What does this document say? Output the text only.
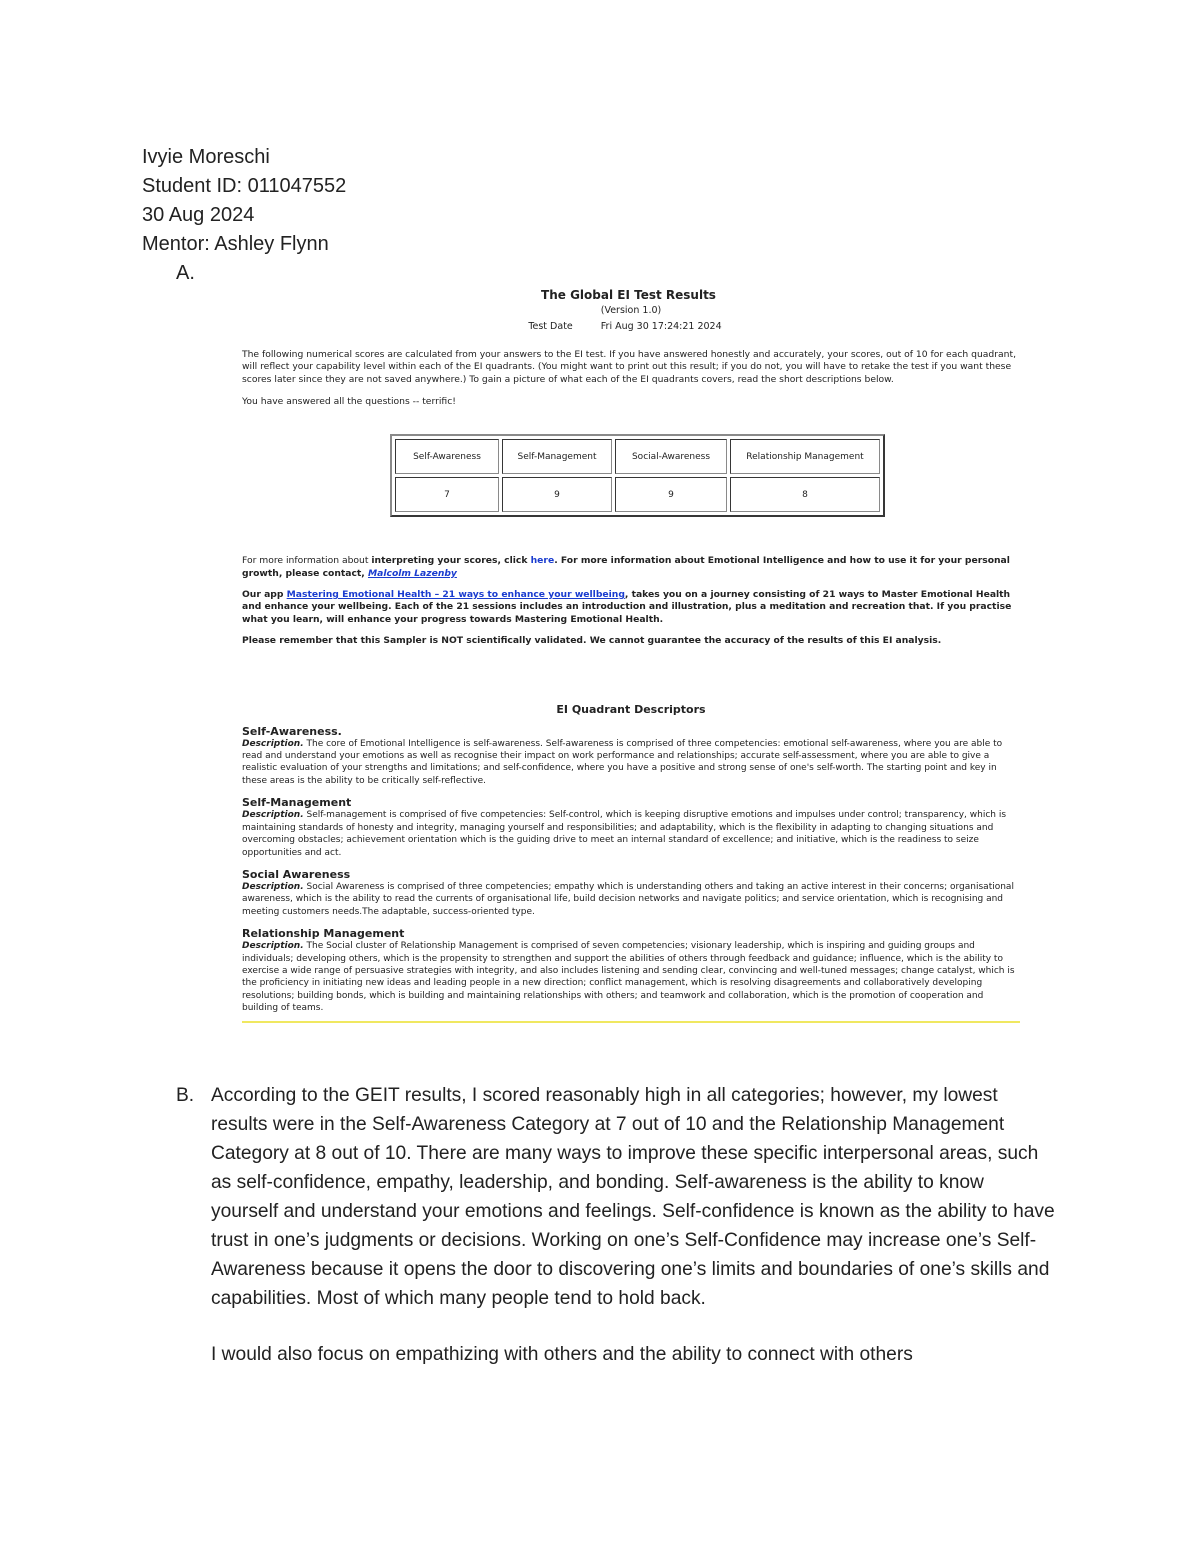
Ivyie Moreschi
Student ID: 011047552
30 Aug 2024
Mentor: Ashley Flynn
A.
The Global EI Test Results
(Version 1.0)
Test Date	Fri Aug 30 17:24:21 2024

The following numerical scores are calculated from your answers to the EI test. If you have answered honestly and accurately, your scores, out of 10 for each quadrant, will reflect your capability level within each of the EI quadrants. (You might want to print out this result; if you do not, you will have to retake the test if you want these scores later since they are not saved anywhere.) To gain a picture of what each of the EI quadrants covers, read the short descriptions below.

You have answered all the questions -- terrific!

Self-Awareness	Self-Management	Social-Awareness	Relationship Management
7	9	9	8

For more information about interpreting your scores, click here. For more information about Emotional Intelligence and how to use it for your personal growth, please contact, Malcolm Lazenby

Our app Mastering Emotional Health – 21 ways to enhance your wellbeing, takes you on a journey consisting of 21 ways to Master Emotional Health and enhance your wellbeing. Each of the 21 sessions includes an introduction and illustration, plus a meditation and recreation that. If you practise what you learn, will enhance your progress towards Mastering Emotional Health.

Please remember that this Sampler is NOT scientifically validated. We cannot guarantee the accuracy of the results of this EI analysis.

EI Quadrant Descriptors
Self-Awareness.
Description. The core of Emotional Intelligence is self-awareness. Self-awareness is comprised of three competencies: emotional self-awareness, where you are able to read and understand your emotions as well as recognise their impact on work performance and relationships; accurate self-assessment, where you are able to give a realistic evaluation of your strengths and limitations; and self-confidence, where you have a positive and strong sense of one's self-worth. The starting point and key in these areas is the ability to be critically self-reflective.
Self-Management
Description. Self-management is comprised of five competencies: Self-control, which is keeping disruptive emotions and impulses under control; transparency, which is maintaining standards of honesty and integrity, managing yourself and responsibilities; and adaptability, which is the flexibility in adapting to changing situations and overcoming obstacles; achievement orientation which is the guiding drive to meet an internal standard of excellence; and initiative, which is the readiness to seize opportunities and act.
Social Awareness
Description. Social Awareness is comprised of three competencies; empathy which is understanding others and taking an active interest in their concerns; organisational awareness, which is the ability to read the currents of organisational life, build decision networks and navigate politics; and service orientation, which is recognising and meeting customers needs.The adaptable, success-oriented type.
Relationship Management
Description. The Social cluster of Relationship Management is comprised of seven competencies; visionary leadership, which is inspiring and guiding groups and individuals; developing others, which is the propensity to strengthen and support the abilities of others through feedback and guidance; influence, which is the ability to exercise a wide range of persuasive strategies with integrity, and also includes listening and sending clear, convincing and well-tuned messages; change catalyst, which is the proficiency in initiating new ideas and leading people in a new direction; conflict management, which is resolving disagreements and collaboratively developing resolutions; building bonds, which is building and maintaining relationships with others; and teamwork and collaboration, which is the promotion of cooperation and building of teams.
B. According to the GEIT results, I scored reasonably high in all categories; however, my lowest results were in the Self-Awareness Category at 7 out of 10 and the Relationship Management Category at 8 out of 10. There are many ways to improve these specific interpersonal areas, such as self-confidence, empathy, leadership, and bonding. Self-awareness is the ability to know yourself and understand your emotions and feelings. Self-confidence is known as the ability to have trust in one’s judgments or decisions. Working on one’s Self-Confidence may increase one’s Self-Awareness because it opens the door to discovering one’s limits and boundaries of one’s skills and capabilities. Most of which many people tend to hold back.
I would also focus on empathizing with others and the ability to connect with others
